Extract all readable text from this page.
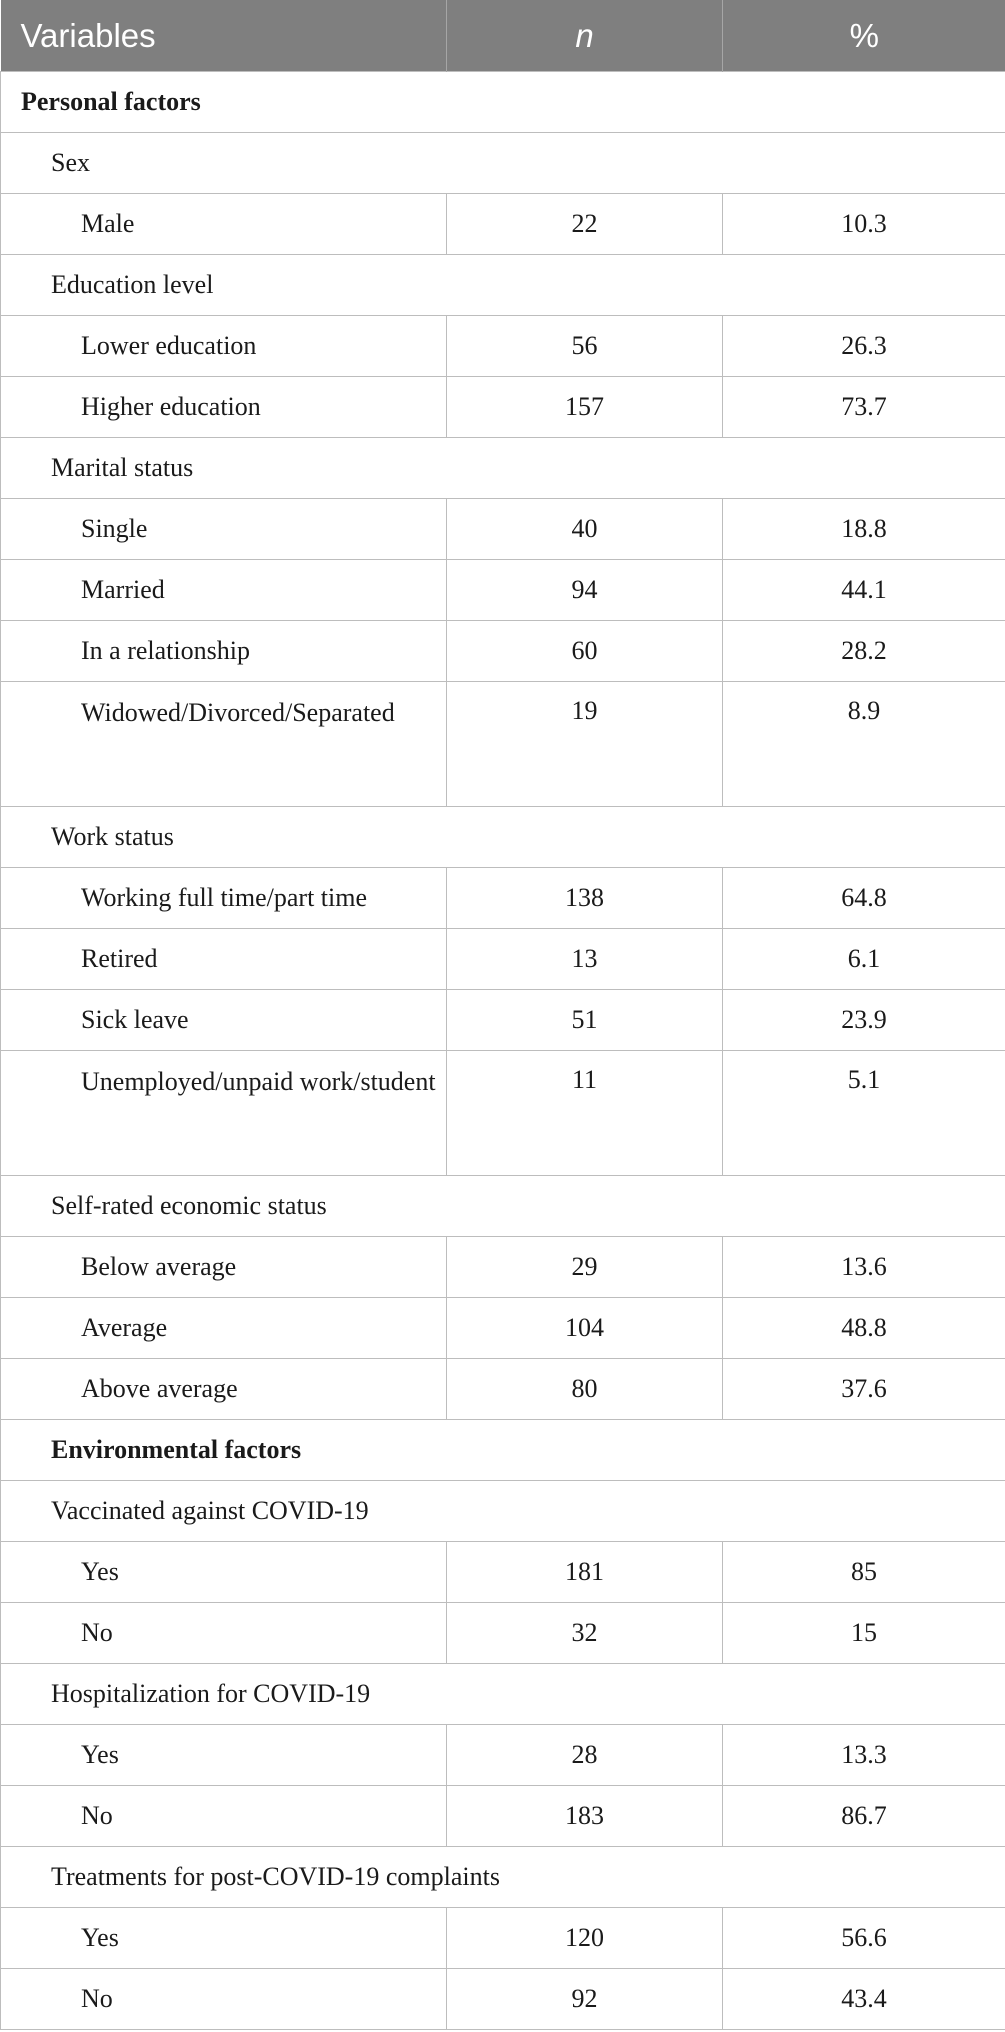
Variables	n	%
Personal factors		
Sex		
Male	22	10.3
Education level		
Lower education	56	26.3
Higher education	157	73.7
Marital status		
Single	40	18.8
Married	94	44.1
In a relationship	60	28.2
Widowed/Divorced/Separated	19	8.9
Work status		
Working full time/part time	138	64.8
Retired	13	6.1
Sick leave	51	23.9
Unemployed/unpaid work/student	11	5.1
Self-rated economic status		
Below average	29	13.6
Average	104	48.8
Above average	80	37.6
Environmental factors		
Vaccinated against COVID-19		
Yes	181	85
No	32	15
Hospitalization for COVID-19		
Yes	28	13.3
No	183	86.7
Treatments for post-COVID-19 complaints		
Yes	120	56.6
No	92	43.4
